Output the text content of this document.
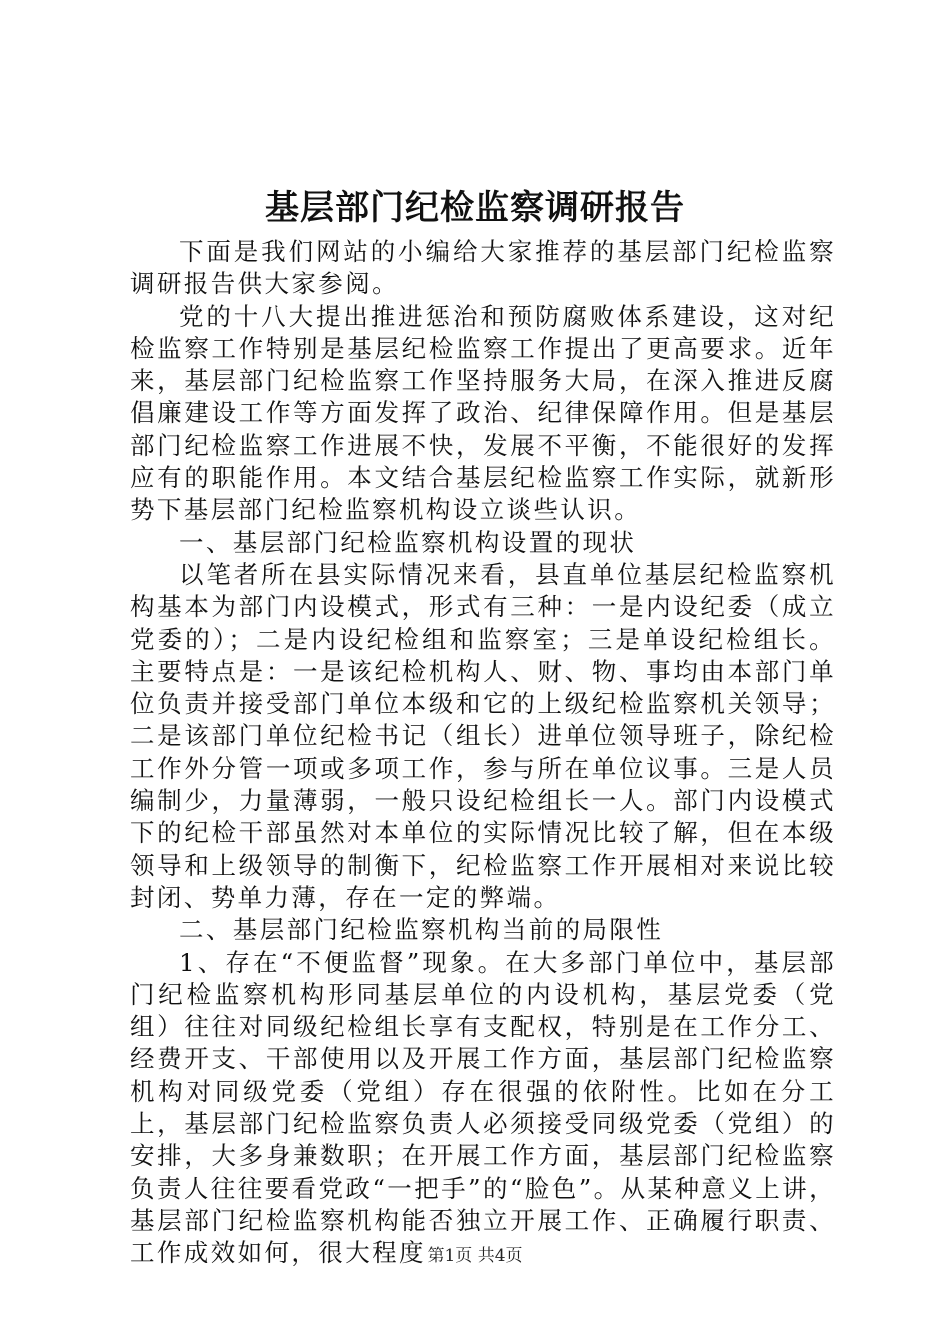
基层部门纪检监察调研报告

下面是我们网站的小编给大家推荐的基层部门纪检监察调研报告供大家参阅。

党的十八大提出推进惩治和预防腐败体系建设，这对纪检监察工作特别是基层纪检监察工作提出了更高要求。近年来，基层部门纪检监察工作坚持服务大局，在深入推进反腐倡廉建设工作等方面发挥了政治、纪律保障作用。但是基层部门纪检监察工作进展不快，发展不平衡，不能很好的发挥应有的职能作用。本文结合基层纪检监察工作实际，就新形势下基层部门纪检监察机构设立谈些认识。

一、基层部门纪检监察机构设置的现状

以笔者所在县实际情况来看，县直单位基层纪检监察机构基本为部门内设模式，形式有三种：一是内设纪委（成立党委的）；二是内设纪检组和监察室；三是单设纪检组长。主要特点是：一是该纪检机构人、财、物、事均由本部门单位负责并接受部门单位本级和它的上级纪检监察机关领导；二是该部门单位纪检书记（组长）进单位领导班子，除纪检工作外分管一项或多项工作，参与所在单位议事。三是人员编制少，力量薄弱，一般只设纪检组长一人。部门内设模式下的纪检干部虽然对本单位的实际情况比较了解，但在本级领导和上级领导的制衡下，纪检监察工作开展相对来说比较封闭、势单力薄，存在一定的弊端。

二、基层部门纪检监察机构当前的局限性

1、存在“不便监督”现象。在大多部门单位中，基层部门纪检监察机构形同基层单位的内设机构，基层党委（党组）往往对同级纪检组长享有支配权，特别是在工作分工、经费开支、干部使用以及开展工作方面，基层部门纪检监察机构对同级党委（党组）存在很强的依附性。比如在分工上，基层部门纪检监察负责人必须接受同级党委（党组）的安排，大多身兼数职；在开展工作方面，基层部门纪检监察负责人往往要看党政“一把手”的“脸色”。从某种意义上讲，基层部门纪检监察机构能否独立开展工作、正确履行职责、工作成效如何，很大程度 第1页 共4页
